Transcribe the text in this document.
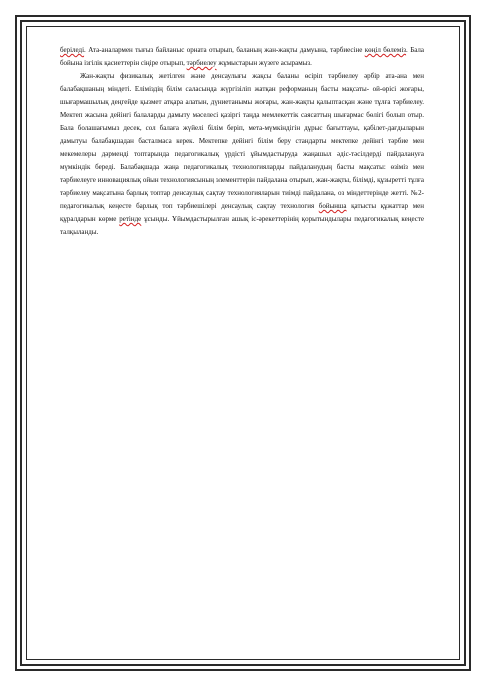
беріледі. Ата-аналармен тығыз байланыс орната отырып, баланың жан-жақты дамуына, тәрбиесіне көңіл бөлеміз. Бала бойына ізгілік қасиеттерін сіңіре отырып, тәрбиелеу жұмыстарын жүзеге асырамыз.

Жан-жақты физикалық жетілген және денсаулығы жақсы баланы өсіріп тәрбиелеу әрбір ата-ана мен балабақшаның міндеті. Еліміздің білім саласында жүргізіліп жатқан реформаның басты мақсаты- ой-өрісі жоғары, шығармашылық деңгейде қызмет атқара алатын, дүниетанымы жоғары, жан-жақты қалыптасқан және тұлға тәрбиелеу. Мектеп жасына дейінгі балаларды дамыту мәселесі қазіргі таңда мемлекеттік саясаттың шығармас бөлігі болып отыр. Бала болашағымыз десек, сол балаға жүйелі білім беріп, мета-мүмкіндігін дұрыс бағыттауы, қабілет-дағдыларын дамытуы балабақшадан басталмаса керек. Мектепке дейінгі білім беру стандарты мектепке дейінгі тәрбие мен мекемелеры дәрменді топтарында педагогикалық үрдісті ұйымдастыруда жаңашыл әдіс-тәсілдерді пайдалануға мүмкіндік береді. Балабақшада жаңа педагогикалық технологияларды пайдаланудың басты мақсаты: өзіміз мен тәрбиелеуге инновациялық ойын технологиясының элементтерін пайдалана отырып, жан-жақты, білімді, құзыретті тұлға тәрбиелеу мақсатына барлық топтар денсаулық сақтау технологияларын тиімді пайдалана, оз міндеттерінде жетті. №2-педагогикалық кеңесте барлық топ тәрбиешілері денсаулық сақтау технология бойынша қатысты құжаттар мен құралдарын көрме ретінде ұсынды. Ұйымдастырылған ашық іс-әрекеттерінің қорытындылары педагогикалық кеңесте талқыланды.
